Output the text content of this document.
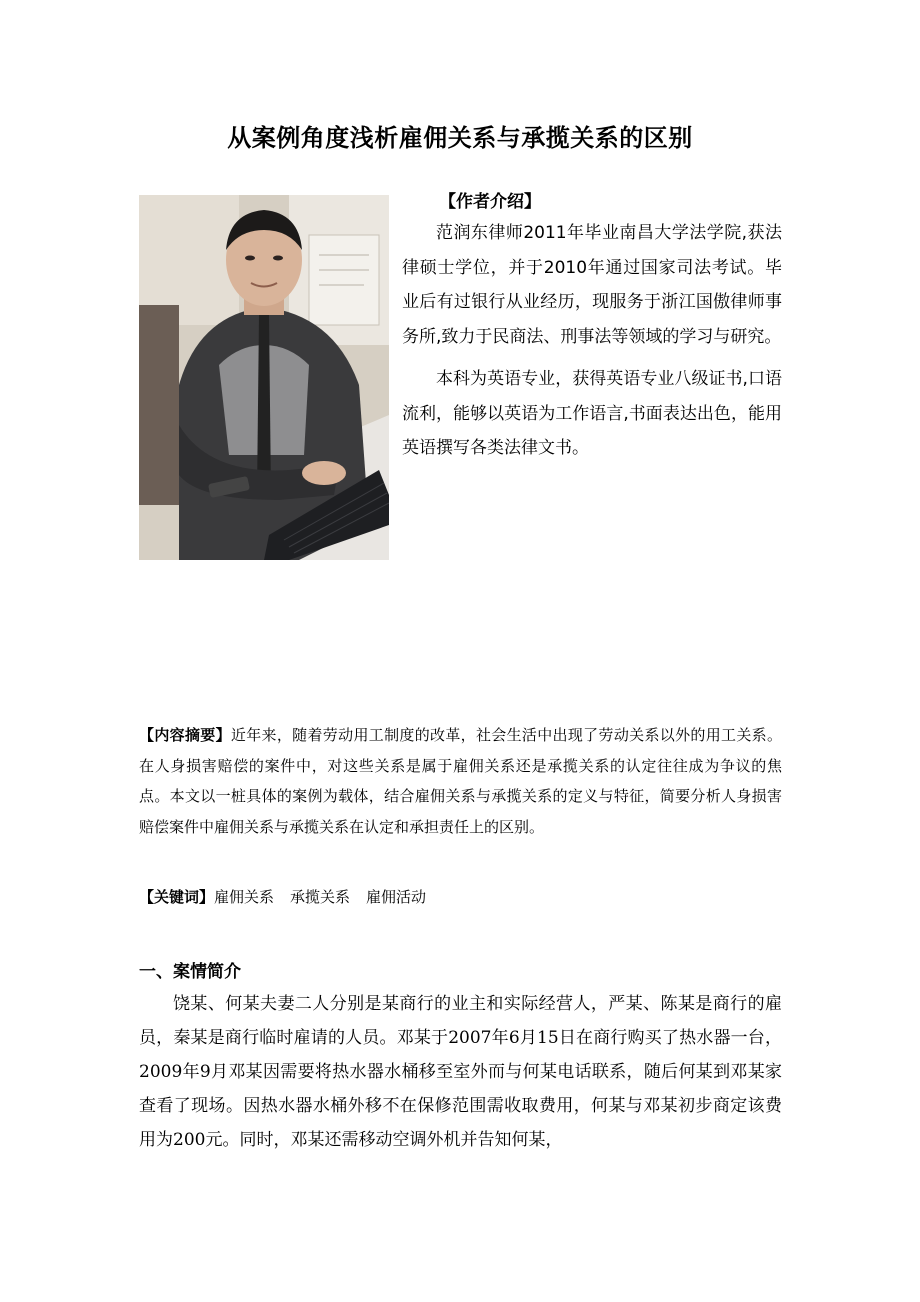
从案例角度浅析雇佣关系与承揽关系的区别
【作者介绍】

范润东律师2011年毕业南昌大学法学院,获法律硕士学位，并于2010年通过国家司法考试。毕业后有过银行从业经历，现服务于浙江国傲律师事务所,致力于民商法、刑事法等领域的学习与研究。

本科为英语专业，获得英语专业八级证书,口语流利，能够以英语为工作语言,书面表达出色，能用英语撰写各类法律文书。

【内容摘要】近年来，随着劳动用工制度的改革，社会生活中出现了劳动关系以外的用工关系。在人身损害赔偿的案件中，对这些关系是属于雇佣关系还是承揽关系的认定往往成为争议的焦点。本文以一桩具体的案例为载体，结合雇佣关系与承揽关系的定义与特征，简要分析人身损害赔偿案件中雇佣关系与承揽关系在认定和承担责任上的区别。
【关键词】雇佣关系 承揽关系 雇佣活动
一、案情简介

饶某、何某夫妻二人分别是某商行的业主和实际经营人，严某、陈某是商行的雇员，秦某是商行临时雇请的人员。邓某于2007年6月15日在商行购买了热水器一台，2009年9月邓某因需要将热水器水桶移至室外而与何某电话联系，随后何某到邓某家查看了现场。因热水器水桶外移不在保修范围需收取费用，何某与邓某初步商定该费用为200元。同时，邓某还需移动空调外机并告知何某，
